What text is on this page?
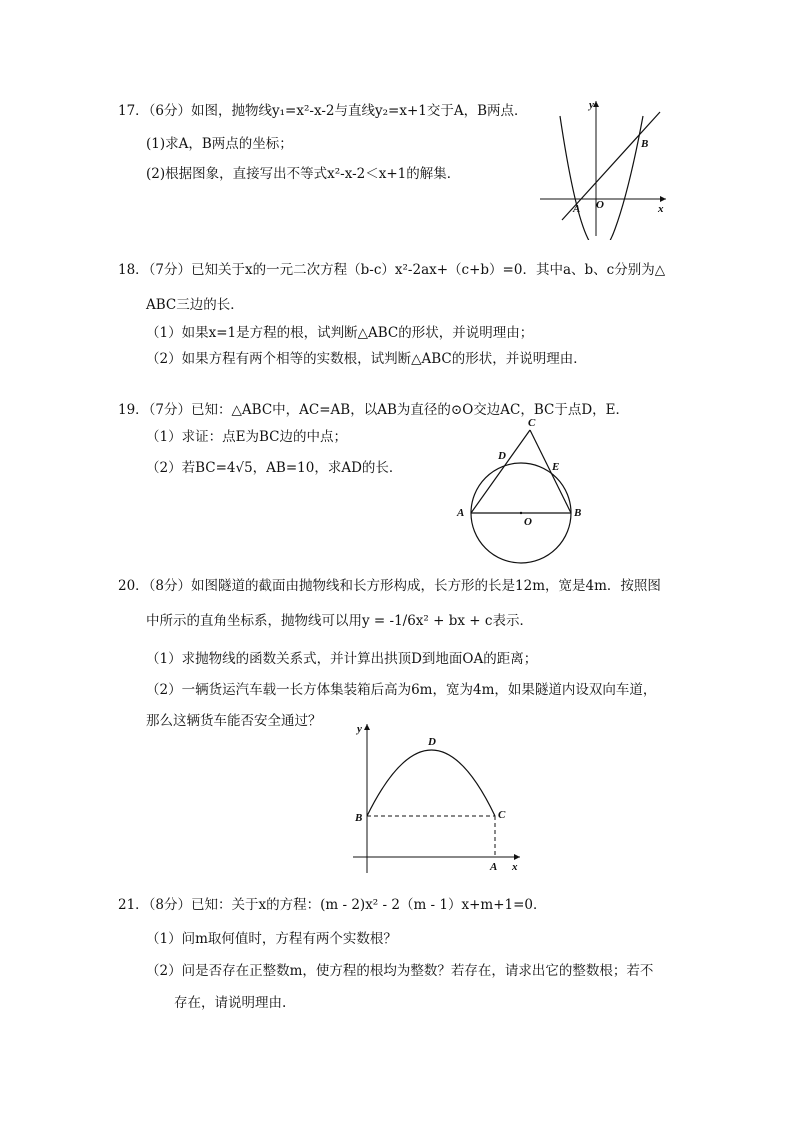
17．（6分）如图，抛物线y₁=x²-x-2与直线y₂=x+1交于A，B两点．
(1)求A，B两点的坐标；
(2)根据图象，直接写出不等式x²-x-2＜x+1的解集．
y
x
A O
B
18．（7分）已知关于x的一元二次方程（b-c）x²-2ax+（c+b）=0．其中a、b、c分别为△
ABC三边的长．
（1）如果x=1是方程的根，试判断△ABC的形状，并说明理由；
（2）如果方程有两个相等的实数根，试判断△ABC的形状，并说明理由．
19．（7分）已知：△ABC中，AC=AB，以AB为直径的⊙O交边AC，BC于点D，E．
（1）求证：点E为BC边的中点；
（2）若BC=4√5，AB=10，求AD的长．
C
D
E
A
O
B
20．（8分）如图隧道的截面由抛物线和长方形构成，长方形的长是12m，宽是4m．按照图
中所示的直角坐标系，抛物线可以用y = -1/6x² + bx + c表示．
（1）求抛物线的函数关系式，并计算出拱顶D到地面OA的距离；
（2）一辆货运汽车载一长方体集装箱后高为6m，宽为4m，如果隧道内设双向车道，
那么这辆货车能否安全通过？	y
D
B	C
A x
21．（8分）已知：关于x的方程：(m - 2)x² - 2（m - 1）x+m+1=0．
（1）问m取何值时，方程有两个实数根？
（2）问是否存在正整数m，使方程的根均为整数？若存在，请求出它的整数根；若不
存在，请说明理由.
